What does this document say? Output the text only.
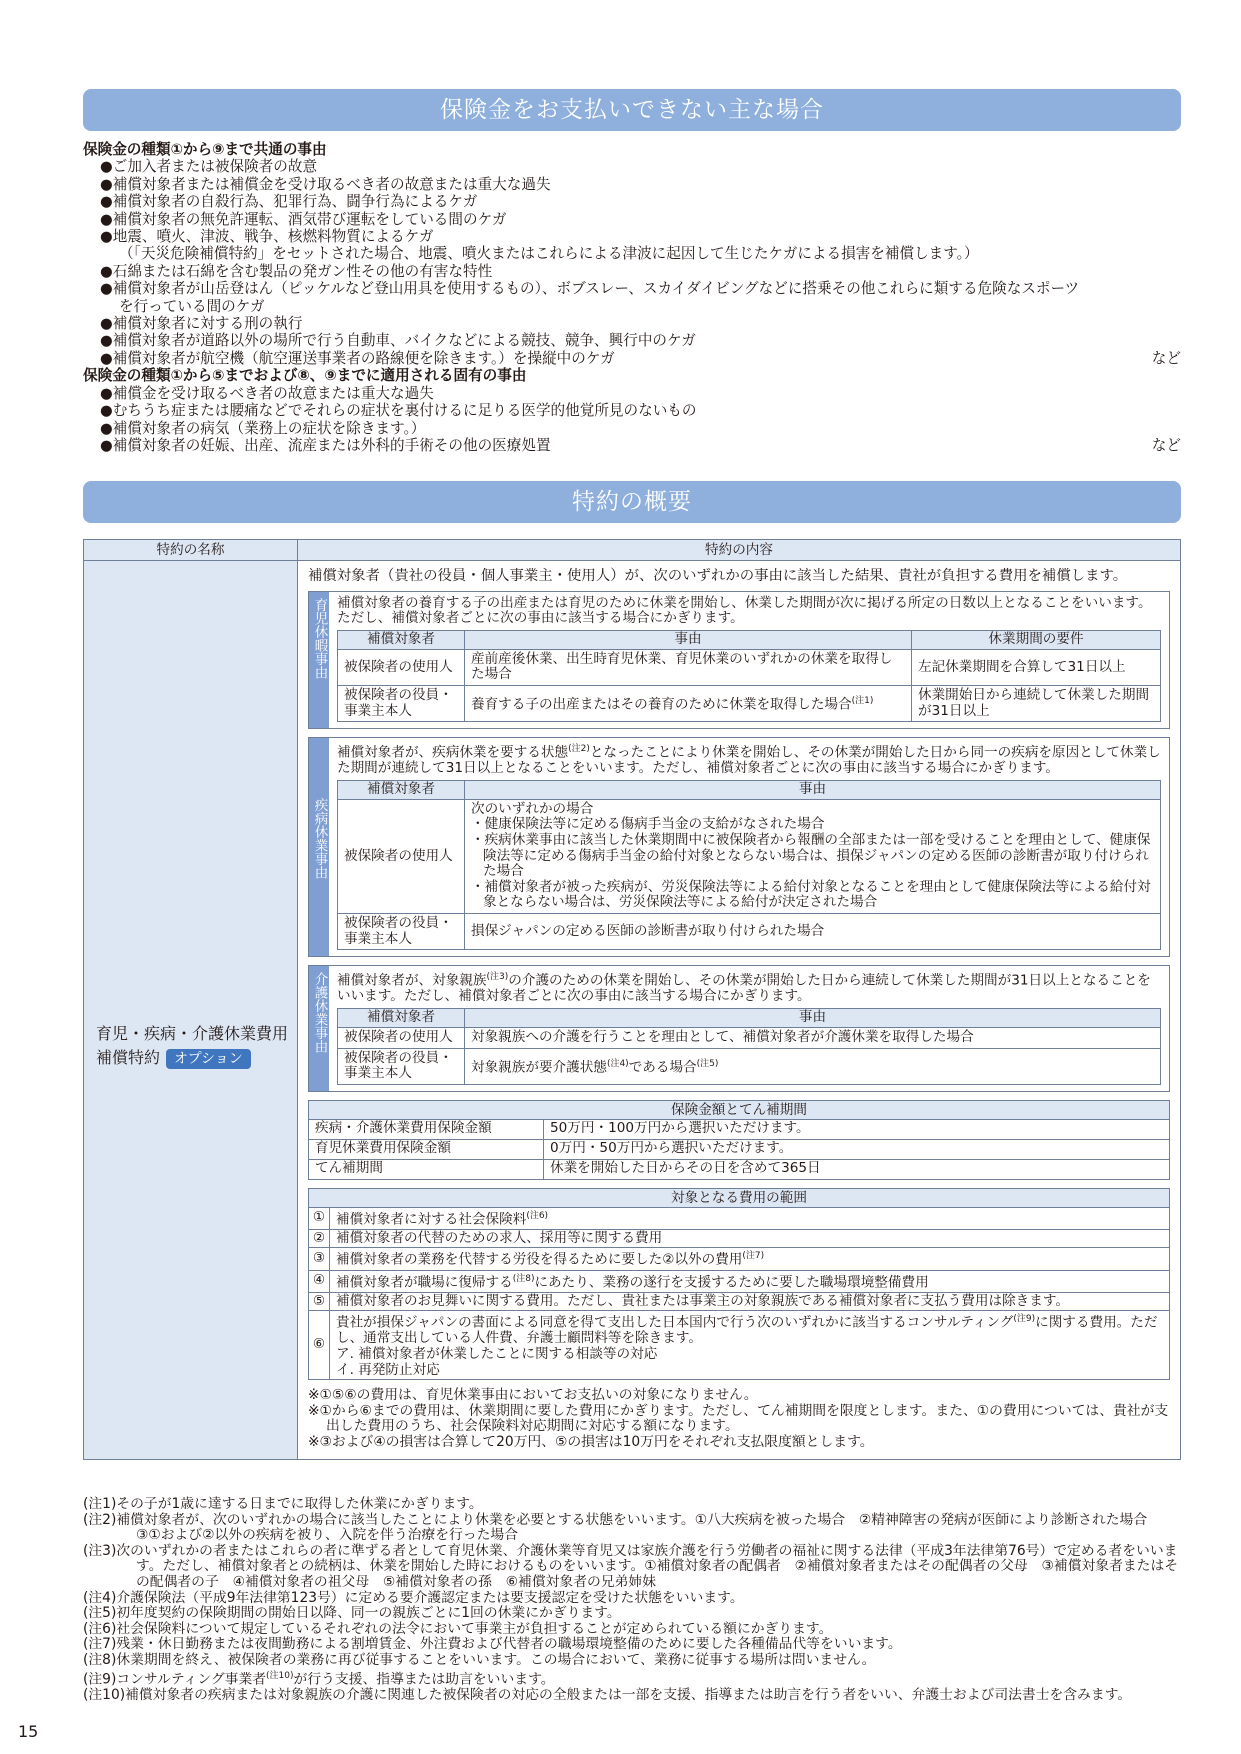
保険金をお支払いできない主な場合
保険金の種類①から⑨まで共通の事由
●ご加入者または被保険者の故意
●補償対象者または補償金を受け取るべき者の故意または重大な過失
●補償対象者の自殺行為、犯罪行為、闘争行為によるケガ
●補償対象者の無免許運転、酒気帯び運転をしている間のケガ
●地震、噴火、津波、戦争、核燃料物質によるケガ
（「天災危険補償特約」をセットされた場合、地震、噴火またはこれらによる津波に起因して生じたケガによる損害を補償します。）
●石綿または石綿を含む製品の発ガン性その他の有害な特性
●補償対象者が山岳登はん（ピッケルなど登山用具を使用するもの）、ボブスレー、スカイダイビングなどに搭乗その他これらに類する危険なスポーツ
を行っている間のケガ
●補償対象者に対する刑の執行
●補償対象者が道路以外の場所で行う自動車、バイクなどによる競技、競争、興行中のケガ
●補償対象者が航空機（航空運送事業者の路線便を除きます。）を操縦中のケガ	など
保険金の種類①から⑤までおよび⑧、⑨までに適用される固有の事由
●補償金を受け取るべき者の故意または重大な過失
●むちうち症または腰痛などでそれらの症状を裏付けるに足りる医学的他覚所見のないもの
●補償対象者の病気（業務上の症状を除きます。）
●補償対象者の妊娠、出産、流産または外科的手術その他の医療処置	など
特約の概要
特約の名称	特約の内容
育児・疾病・介護休業費用
補償特約 オプション
補償対象者（貴社の役員・個人事業主・使用人）が、次のいずれかの事由に該当した結果、貴社が負担する費用を補償します。
育児休暇事由 補償対象者の養育する子の出産または育児のために休業を開始し、休業した期間が次に掲げる所定の日数以上となることをいいます。ただし、補償対象者ごとに次の事由に該当する場合にかぎります。
補償対象者	事由	休業期間の要件
被保険者の使用人	産前産後休業、出生時育児休業、育児休業のいずれかの休業を取得した場合	左記休業期間を合算して31日以上
被保険者の役員・事業主本人	養育する子の出産またはその養育のために休業を取得した場合$^{(注1)}$	休業開始日から連続して休業した期間が31日以上
疾病休業事由
補償対象者が、疾病休業を要する状態$^{(注2)}$となったことにより休業を開始し、その休業が開始した日から同一の疾病を原因として休業した期間が連続して31日以上となることをいいます。ただし、補償対象者ごとに次の事由に該当する場合にかぎります。
補償対象者	事由
被保険者の使用人	次のいずれかの場合
・健康保険法等に定める傷病手当金の支給がなされた場合
・疾病休業事由に該当した休業期間中に被保険者から報酬の全部または一部を受けることを理由として、健康保険法等に定める傷病手当金の給付対象とならない場合は、損保ジャパンの定める医師の診断書が取り付けられた場合
・補償対象者が被った疾病が、労災保険法等による給付対象となることを理由として健康保険法等による給付対象とならない場合は、労災保険法等による給付が決定された場合

被保険者の役員・事業主本人	損保ジャパンの定める医師の診断書が取り付けられた場合
介護休業事由 補償対象者が、対象親族$^{(注3)}$の介護のための休業を開始し、その休業が開始した日から連続して休業した期間が31日以上となることをいいます。ただし、補償対象者ごとに次の事由に該当する場合にかぎります。
補償対象者	事由
被保険者の使用人	対象親族への介護を行うことを理由として、補償対象者が介護休業を取得した場合
被保険者の役員・事業主本人	対象親族が要介護状態$^{(注4)}$である場合$^{(注5)}$
保険金額とてん補期間
疾病・介護休業費用保険金額	50万円・100万円から選択いただけます。
育児休業費用保険金額	0万円・50万円から選択いただけます。
てん補期間	休業を開始した日からその日を含めて365日
対象となる費用の範囲
①	補償対象者に対する社会保険料$^{(注6)}$
②	補償対象者の代替のための求人、採用等に関する費用
③	補償対象者の業務を代替する労役を得るために要した②以外の費用$^{(注7)}$
④	補償対象者が職場に復帰する$^{(注8)}$にあたり、業務の遂行を支援するために要した職場環境整備費用
⑤	補償対象者のお見舞いに関する費用。ただし、貴社または事業主の対象親族である補償対象者に支払う費用は除きます。
⑥	貴社が損保ジャパンの書面による同意を得て支出した日本国内で行う次のいずれかに該当するコンサルティング$^{(注9)}$に関する費用。ただし、通常支出している人件費、弁護士顧問料等を除きます。
ア. 補償対象者が休業したことに関する相談等の対応
イ. 再発防止対応
※①⑤⑥の費用は、育児休業事由においてお支払いの対象になりません。
※①から⑥までの費用は、休業期間に要した費用にかぎります。ただし、てん補期間を限度とします。また、①の費用については、貴社が支出した費用のうち、社会保険料対応期間に対応する額になります。
※③および④の損害は合算して20万円、⑤の損害は10万円をそれぞれ支払限度額とします。
(注1)その子が1歳に達する日までに取得した休業にかぎります。
(注2)補償対象者が、次のいずれかの場合に該当したことにより休業を必要とする状態をいいます。①八大疾病を被った場合　②精神障害の発病が医師により診断された場合　③①および②以外の疾病を被り、入院を伴う治療を行った場合
(注3)次のいずれかの者またはこれらの者に準ずる者として育児休業、介護休業等育児又は家族介護を行う労働者の福祉に関する法律（平成3年法律第76号）で定める者をいいます。ただし、補償対象者との続柄は、休業を開始した時におけるものをいいます。①補償対象者の配偶者　②補償対象者またはその配偶者の父母　③補償対象者またはその配偶者の子　④補償対象者の祖父母　⑤補償対象者の孫　⑥補償対象者の兄弟姉妹
(注4)介護保険法（平成9年法律第123号）に定める要介護認定または要支援認定を受けた状態をいいます。
(注5)初年度契約の保険期間の開始日以降、同一の親族ごとに1回の休業にかぎります。
(注6)社会保険料について規定しているそれぞれの法令において事業主が負担することが定められている額にかぎります。
(注7)残業・休日勤務または夜間勤務による割増賃金、外注費および代替者の職場環境整備のために要した各種備品代等をいいます。
(注8)休業期間を終え、被保険者の業務に再び従事することをいいます。この場合において、業務に従事する場所は問いません。
(注9)コンサルティング事業者$^{(注10)}$が行う支援、指導または助言をいいます。
(注10)補償対象者の疾病または対象親族の介護に関連した被保険者の対応の全般または一部を支援、指導または助言を行う者をいい、弁護士および司法書士を含みます。
15
